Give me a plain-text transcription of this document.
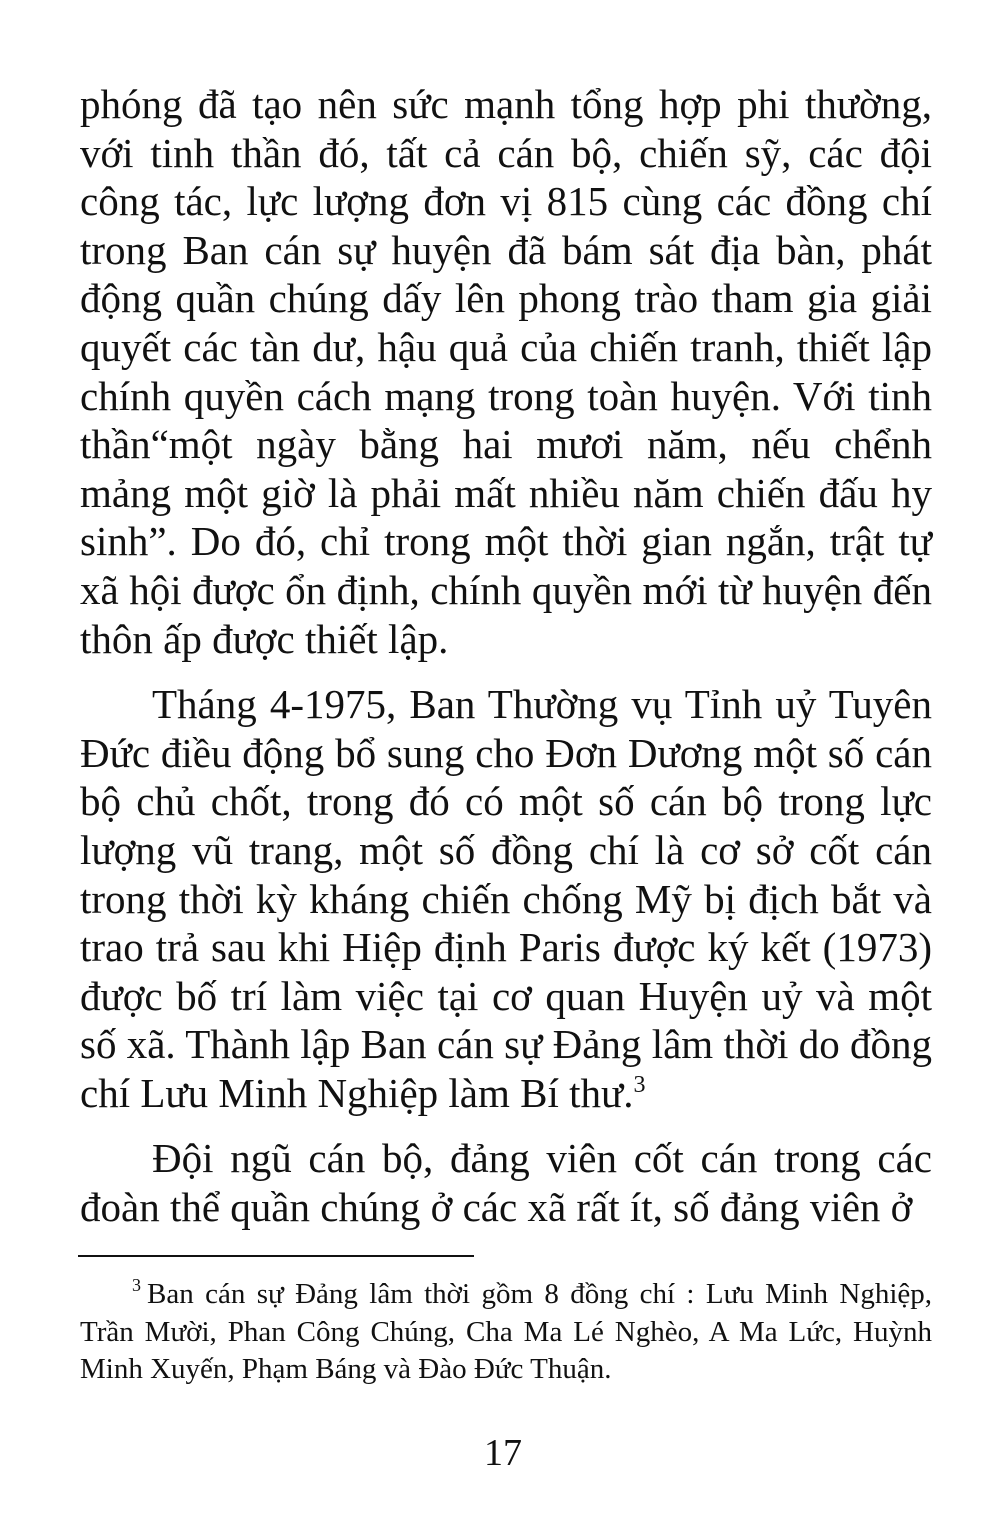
phóng đã tạo nên sức mạnh tổng hợp phi thường, với tinh thần đó, tất cả cán bộ, chiến sỹ, các đội công tác, lực lượng đơn vị 815 cùng các đồng chí trong Ban cán sự huyện đã bám sát địa bàn, phát động quần chúng dấy lên phong trào tham gia giải quyết các tàn dư, hậu quả của chiến tranh, thiết lập chính quyền cách mạng trong toàn huyện. Với tinh thần“một ngày bằng hai mươi năm, nếu chểnh mảng một giờ là phải mất nhiều năm chiến đấu hy sinh”. Do đó, chỉ trong một thời gian ngắn, trật tự xã hội được ổn định, chính quyền mới từ huyện đến thôn ấp được thiết lập.

Tháng 4-1975, Ban Thường vụ Tỉnh uỷ Tuyên Đức điều động bổ sung cho Đơn Dương một số cán bộ chủ chốt, trong đó có một số cán bộ trong lực lượng vũ trang, một số đồng chí là cơ sở cốt cán trong thời kỳ kháng chiến chống Mỹ bị địch bắt và trao trả sau khi Hiệp định Paris được ký kết (1973) được bố trí làm việc tại cơ quan Huyện uỷ và một số xã. Thành lập Ban cán sự Đảng lâm thời do đồng chí Lưu Minh Nghiệp làm Bí thư.$^3$

Đội ngũ cán bộ, đảng viên cốt cán trong các đoàn thể quần chúng ở các xã rất ít, số đảng viên ở

$^3$ Ban cán sự Đảng lâm thời gồm 8 đồng chí : Lưu Minh Nghiệp, Trần Mười, Phan Công Chúng, Cha Ma Lé Nghèo, A Ma Lức, Huỳnh Minh Xuyến, Phạm Báng và Đào Đức Thuận.

17
